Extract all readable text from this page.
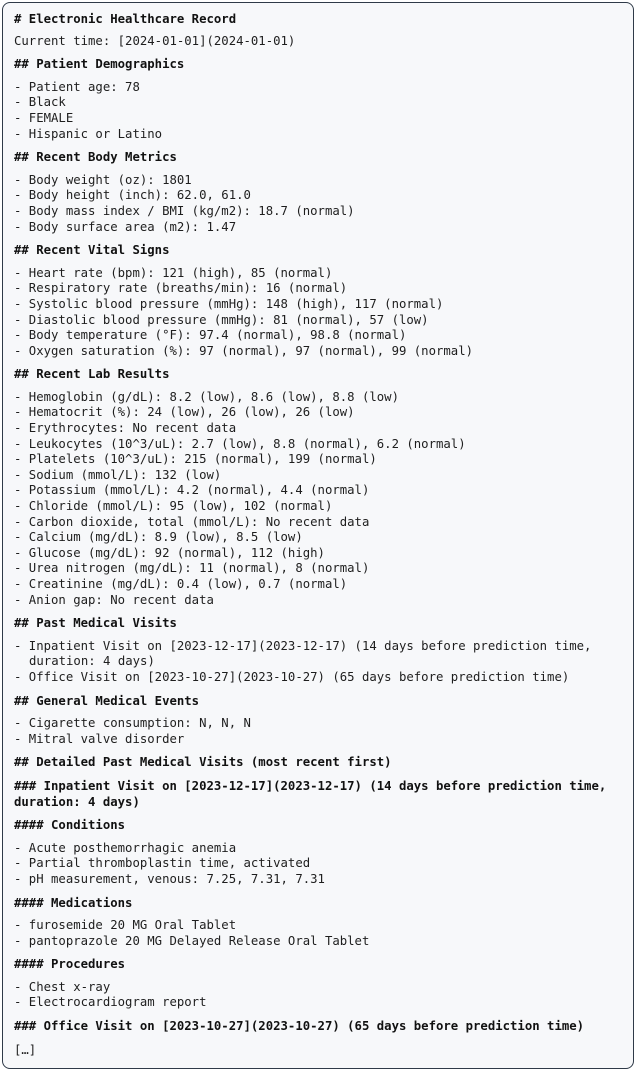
# Electronic Healthcare Record
Current time: [2024-01-01](2024-01-01)
## Patient Demographics
- Patient age: 78
- Black
- FEMALE
- Hispanic or Latino
## Recent Body Metrics
- Body weight (oz): 1801
- Body height (inch): 62.0, 61.0
- Body mass index / BMI (kg/m2): 18.7 (normal)
- Body surface area (m2): 1.47
## Recent Vital Signs
- Heart rate (bpm): 121 (high), 85 (normal)
- Respiratory rate (breaths/min): 16 (normal)
- Systolic blood pressure (mmHg): 148 (high), 117 (normal)
- Diastolic blood pressure (mmHg): 81 (normal), 57 (low)
- Body temperature (°F): 97.4 (normal), 98.8 (normal)
- Oxygen saturation (%): 97 (normal), 97 (normal), 99 (normal)
## Recent Lab Results
- Hemoglobin (g/dL): 8.2 (low), 8.6 (low), 8.8 (low)
- Hematocrit (%): 24 (low), 26 (low), 26 (low)
- Erythrocytes: No recent data
- Leukocytes (10^3/uL): 2.7 (low), 8.8 (normal), 6.2 (normal)
- Platelets (10^3/uL): 215 (normal), 199 (normal)
- Sodium (mmol/L): 132 (low)
- Potassium (mmol/L): 4.2 (normal), 4.4 (normal)
- Chloride (mmol/L): 95 (low), 102 (normal)
- Carbon dioxide, total (mmol/L): No recent data
- Calcium (mg/dL): 8.9 (low), 8.5 (low)
- Glucose (mg/dL): 92 (normal), 112 (high)
- Urea nitrogen (mg/dL): 11 (normal), 8 (normal)
- Creatinine (mg/dL): 0.4 (low), 0.7 (normal)
- Anion gap: No recent data
## Past Medical Visits
- Inpatient Visit on [2023-12-17](2023-12-17) (14 days before prediction time, duration: 4 days)
- Office Visit on [2023-10-27](2023-10-27) (65 days before prediction time)
## General Medical Events
- Cigarette consumption: N, N, N
- Mitral valve disorder
## Detailed Past Medical Visits (most recent first)
### Inpatient Visit on [2023-12-17](2023-12-17) (14 days before prediction time, duration: 4 days)
#### Conditions
- Acute posthemorrhagic anemia
- Partial thromboplastin time, activated
- pH measurement, venous: 7.25, 7.31, 7.31
#### Medications
- furosemide 20 MG Oral Tablet
- pantoprazole 20 MG Delayed Release Oral Tablet
#### Procedures
- Chest x-ray
- Electrocardiogram report
### Office Visit on [2023-10-27](2023-10-27) (65 days before prediction time)
[…]
